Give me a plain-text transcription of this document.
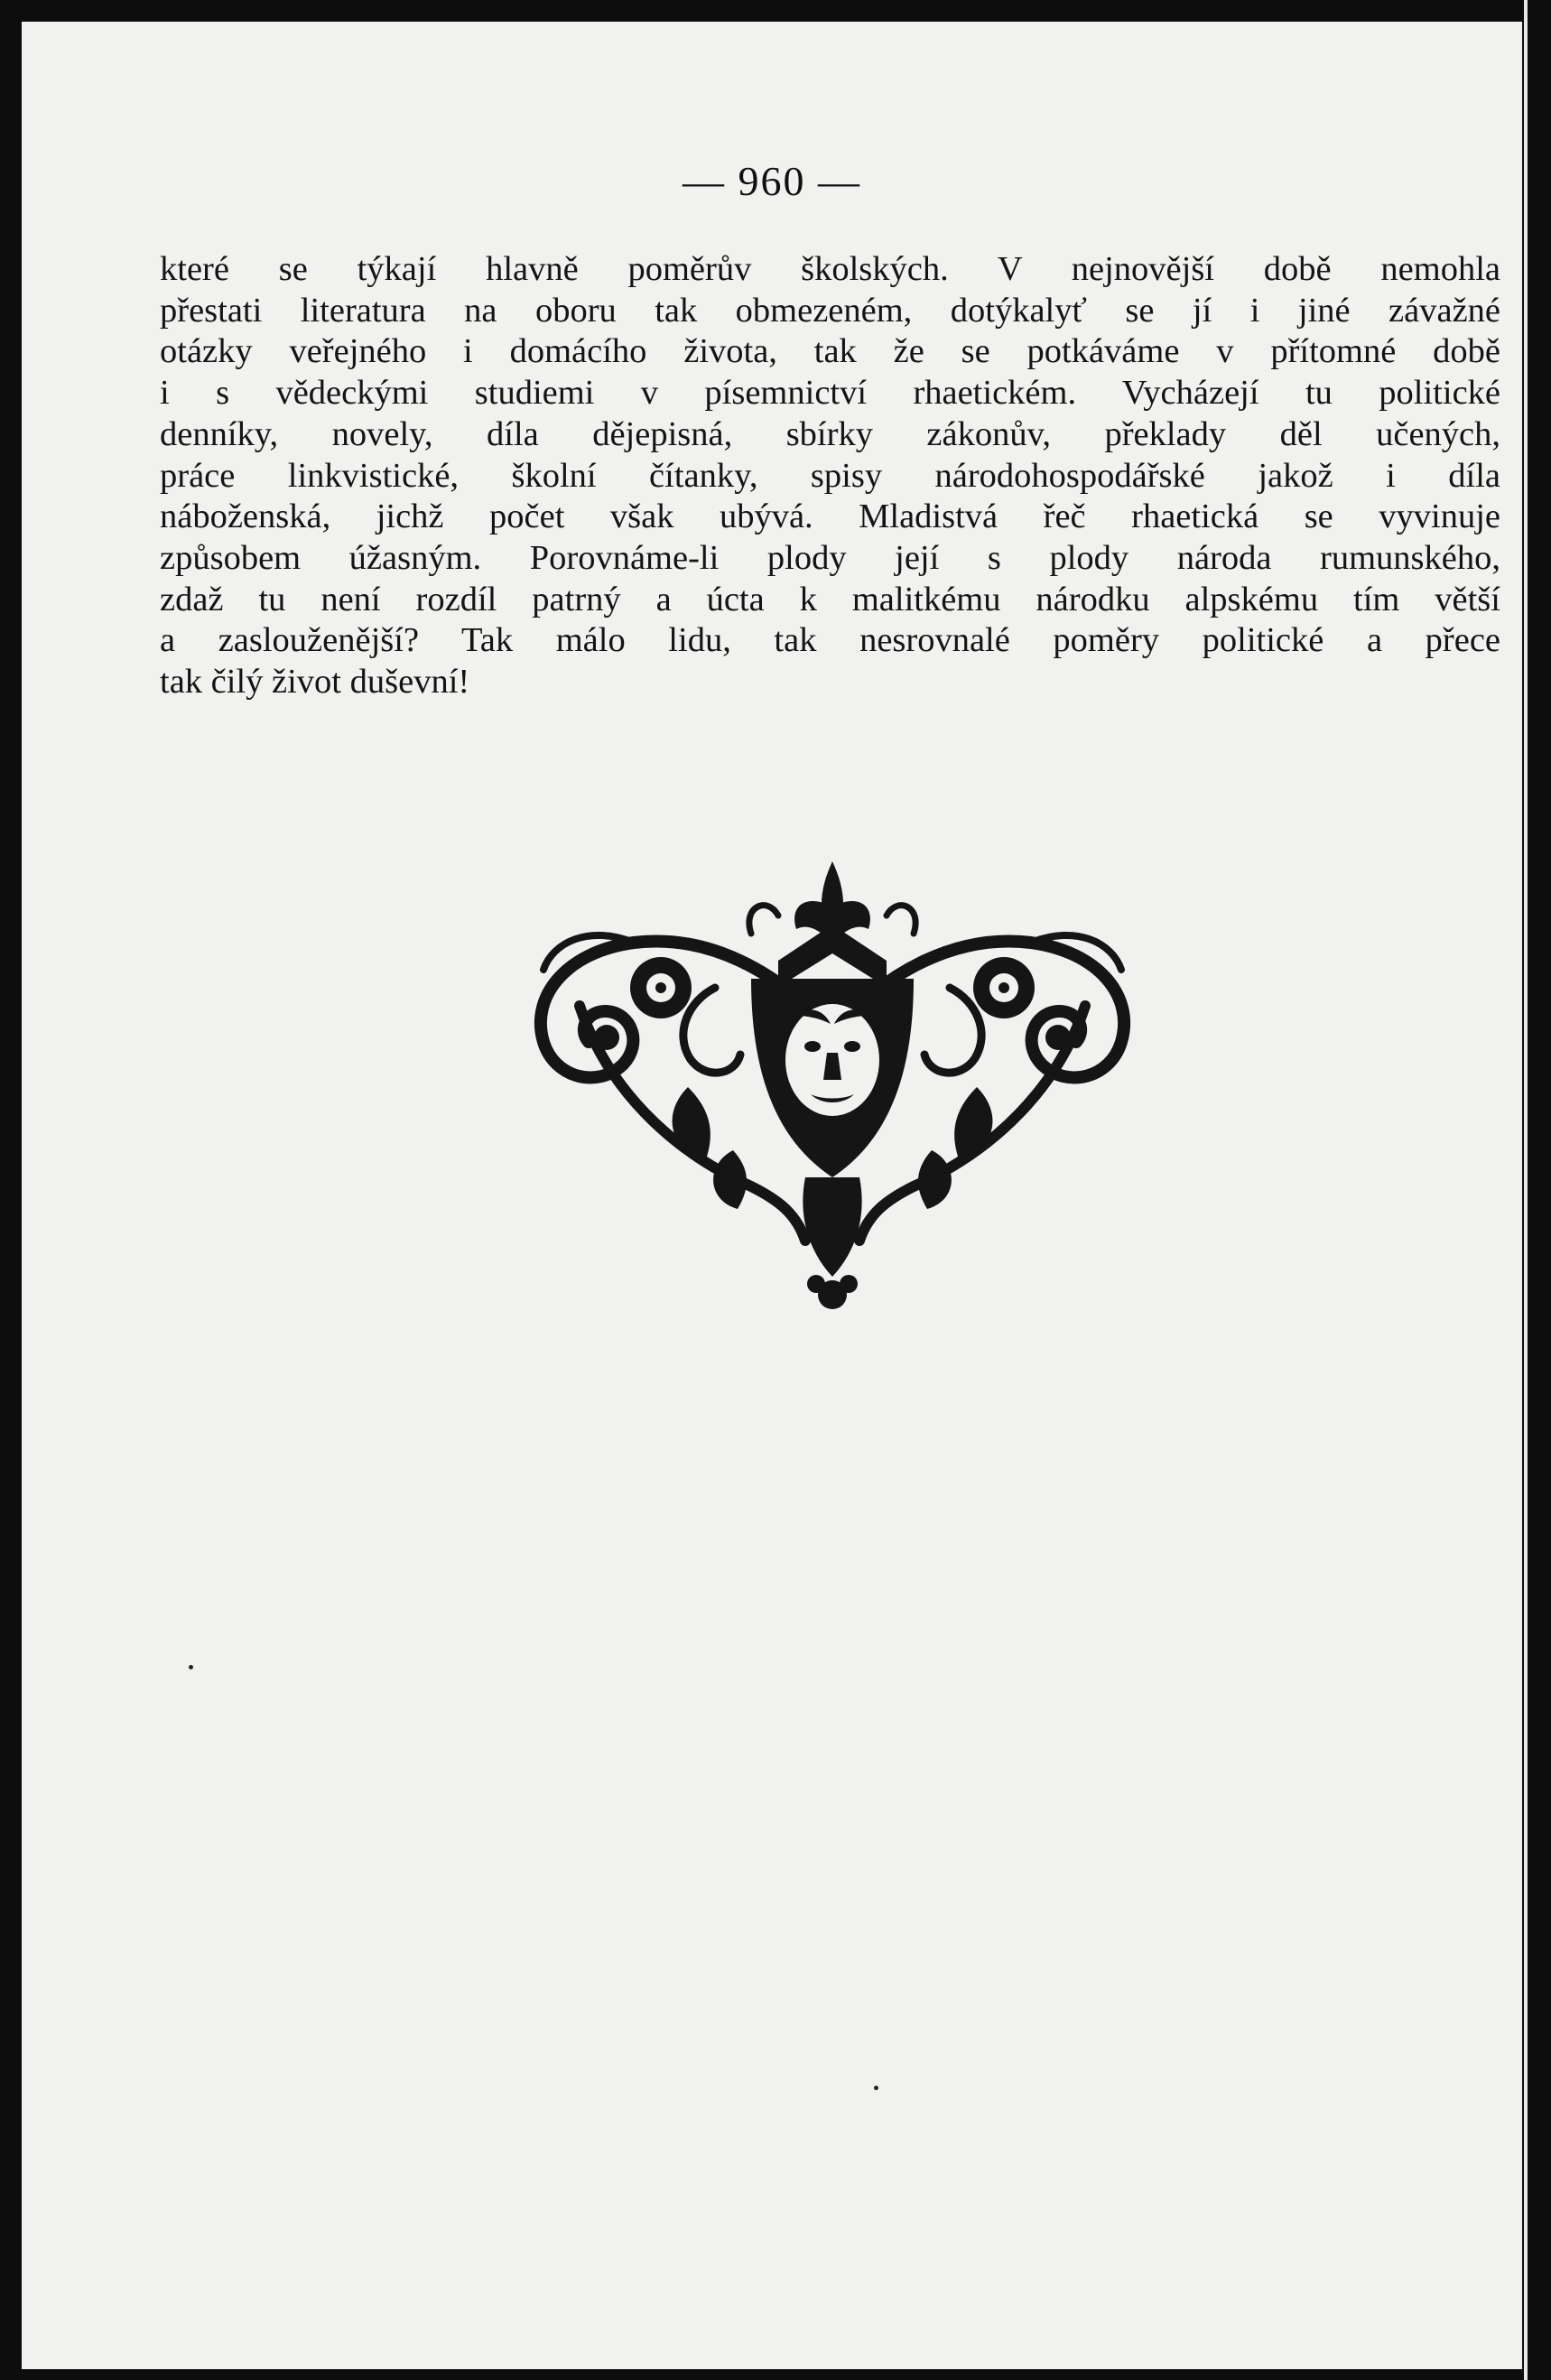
— 960 —
které se týkají hlavně poměrův školských. V nejnovější době nemohla
přestati literatura na oboru tak obmezeném, dotýkalyť se jí i jiné závažné
otázky veřejného i domácího života, tak že se potkáváme v přítomné době
i s vědeckými studiemi v písemnictví rhaetickém. Vycházejí tu politické
denníky, novely, díla dějepisná, sbírky zákonův, překlady děl učených,
práce linkvistické, školní čítanky, spisy národohospodářské jakož i díla
náboženská, jichž počet však ubývá. Mladistvá řeč rhaetická se vyvinuje
způsobem úžasným. Porovnáme-li plody její s plody národa rumunského,
zdaž tu není rozdíl patrný a úcta k malitkému národku alpskému tím větší
a zaslouženější? Tak málo lidu, tak nesrovnalé poměry politické a přece
tak čilý život duševní!
